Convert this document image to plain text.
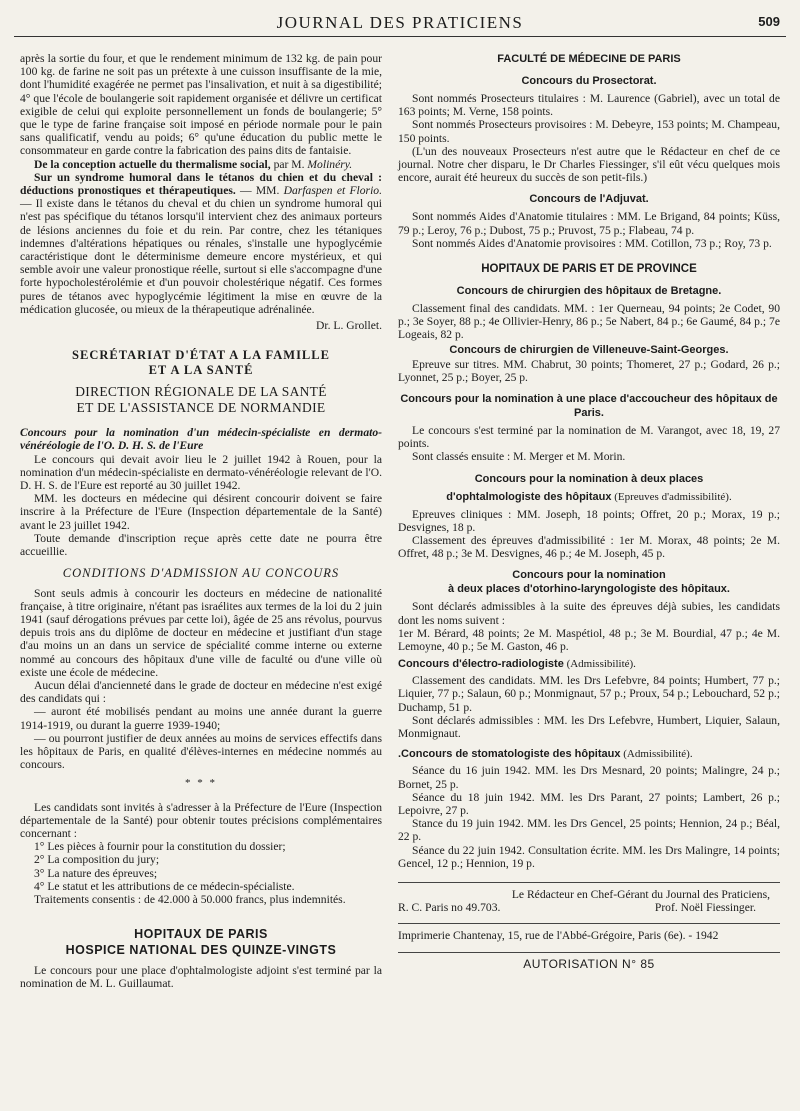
JOURNAL DES PRATICIENS	509

après la sortie du four, et que le rendement minimum de 132 kg. de pain pour 100 kg. de farine ne soit pas un prétexte à une cuisson insuffisante de la mie, dont l'humidité exagérée ne permet pas l'insalivation, et nuit à sa digestibilité; 4° que l'école de boulangerie soit rapidement organisée et délivre un certificat exigible de celui qui exploite personnellement un fonds de boulangerie; 5° que le type de farine française soit imposé en période normale pour le pain sans qualificatif, vendu au poids; 6° qu'une éducation du public mette le consommateur en garde contre la fabrication des pains dits de fantaisie.

De la conception actuelle du thermalisme social, par M. Molinéry.

Sur un syndrome humoral dans le tétanos du chien et du cheval : déductions pronostiques et thérapeutiques. — MM. Darfaspen et Florio. — Il existe dans le tétanos du cheval et du chien un syndrome humoral qui n'est pas spécifique du tétanos lorsqu'il intervient chez des animaux porteurs de lésions anciennes du foie et du rein. Par contre, chez les tétaniques indemnes d'altérations hépatiques ou rénales, s'installe une hypoglycémie caractéristique dont le déterminisme demeure encore mystérieux, et qui semble avoir une valeur pronostique réelle, surtout si elle s'accompagne d'une forte hypocholestérolémie et d'un pouvoir cholestérique négatif. Ces formes pures de tétanos avec hypoglycémie légitiment la mise en œuvre de la médication glucosée, ou mieux de la thérapeutique adrénalinée.

Dr. L. Grollet.
SECRÉTARIAT D'ÉTAT A LA FAMILLE
ET A LA SANTÉ
DIRECTION RÉGIONALE DE LA SANTÉ
ET DE L'ASSISTANCE DE NORMANDIE

Concours pour la nomination d'un médecin-spécialiste en dermato-vénéréologie de l'O. D. H. S. de l'Eure

Le concours qui devait avoir lieu le 2 juillet 1942 à Rouen, pour la nomination d'un médecin-spécialiste en dermato-vénéréologie relevant de l'O. D. H. S. de l'Eure est reporté au 30 juillet 1942.

MM. les docteurs en médecine qui désirent concourir doivent se faire inscrire à la Préfecture de l'Eure (Inspection départementale de la Santé) avant le 23 juillet 1942.

Toute demande d'inscription reçue après cette date ne pourra être accueillie.

CONDITIONS D'ADMISSION AU CONCOURS

Sont seuls admis à concourir les docteurs en médecine de nationalité française, à titre originaire, n'étant pas israélites aux termes de la loi du 2 juin 1941 (sauf dérogations prévues par cette loi), âgée de 25 ans révolus, pourvus depuis trois ans du diplôme de docteur en médecine et justifiant d'un stage d'au moins un an dans un service de spécialité comme interne ou externe nommé au concours des hôpitaux d'une ville de faculté ou d'une ville où existe une école de médecine.

Aucun délai d'ancienneté dans le grade de docteur en médecine n'est exigé des candidats qui :

— auront été mobilisés pendant au moins une année durant la guerre 1914-1919, ou durant la guerre 1939-1940;

— ou pourront justifier de deux années au moins de services effectifs dans les hôpitaux de Paris, en qualité d'élèves-internes en médecine nommés au concours.

* * *

Les candidats sont invités à s'adresser à la Préfecture de l'Eure (Inspection départementale de la Santé) pour obtenir toutes précisions complémentaires concernant :

1° Les pièces à fournir pour la constitution du dossier;

2° La composition du jury;

3° La nature des épreuves;

4° Le statut et les attributions de ce médecin-spécialiste.

Traitements consentis : de 42.000 à 50.000 francs, plus indemnités.

HOPITAUX DE PARIS
HOSPICE NATIONAL DES QUINZE-VINGTS

Le concours pour une place d'ophtalmologiste adjoint s'est terminé par la nomination de M. L. Guillaumat.

FACULTÉ DE MÉDECINE DE PARIS
Concours du Prosectorat.

Sont nommés Prosecteurs titulaires : M. Laurence (Gabriel), avec un total de 163 points; M. Verne, 158 points.

Sont nommés Prosecteurs provisoires : M. Debeyre, 153 points; M. Champeau, 150 points.

(L'un des nouveaux Prosecteurs n'est autre que le Rédacteur en chef de ce journal. Notre cher disparu, le Dr Charles Fiessinger, s'il eût vécu quelques mois encore, aurait été heureux du succès de son petit-fils.)

Concours de l'Adjuvat.

Sont nommés Aides d'Anatomie titulaires : MM. Le Brigand, 84 points; Küss, 79 p.; Leroy, 76 p.; Dubost, 75 p.; Pruvost, 75 p.; Flabeau, 74 p.

Sont nommés Aides d'Anatomie provisoires : MM. Cotillon, 73 p.; Roy, 73 p.

HOPITAUX DE PARIS ET DE PROVINCE
Concours de chirurgien des hôpitaux de Bretagne.

Classement final des candidats. MM. : 1er Querneau, 94 points; 2e Codet, 90 p.; 3e Soyer, 88 p.; 4e Ollivier-Henry, 86 p.; 5e Nabert, 84 p.; 6e Gaumé, 84 p.; 7e Logeais, 82 p.

Concours de chirurgien de Villeneuve-Saint-Georges.

Epreuve sur titres. MM. Chabrut, 30 points; Thomeret, 27 p.; Godard, 26 p.; Lyonnet, 25 p.; Boyer, 25 p.

Concours pour la nomination à une place d'accoucheur des hôpitaux de Paris.

Le concours s'est terminé par la nomination de M. Varangot, avec 18, 19, 27 points.

Sont classés ensuite : M. Merger et M. Morin.

Concours pour la nomination à deux places

d'ophtalmologiste des hôpitaux (Epreuves d'admissibilité).

Epreuves cliniques : MM. Joseph, 18 points; Offret, 20 p.; Morax, 19 p.; Desvignes, 18 p.

Classement des épreuves d'admissibilité : 1er M. Morax, 48 points; 2e M. Offret, 48 p.; 3e M. Desvignes, 46 p.; 4e M. Joseph, 45 p.

Concours pour la nomination
à deux places d'otorhino-laryngologiste des hôpitaux.

Sont déclarés admissibles à la suite des épreuves déjà subies, les candidats dont les noms suivent :

1er M. Bérard, 48 points; 2e M. Maspétiol, 48 p.; 3e M. Bourdial, 47 p.; 4e M. Lemoyne, 40 p.; 5e M. Gaston, 46 p.

Concours d'électro-radiologiste (Admissibilité).

Classement des candidats. MM. les Drs Lefebvre, 84 points; Humbert, 77 p.; Liquier, 77 p.; Salaun, 60 p.; Monmignaut, 57 p.; Proux, 54 p.; Lebouchard, 52 p.; Duchamp, 51 p.

Sont déclarés admissibles : MM. les Drs Lefebvre, Humbert, Liquier, Salaun, Monmignaut.

.Concours de stomatologiste des hôpitaux (Admissibilité).

Séance du 16 juin 1942. MM. les Drs Mesnard, 20 points; Malingre, 24 p.; Bornet, 25 p.

Séance du 18 juin 1942. MM. les Drs Parant, 27 points; Lambert, 26 p.; Lepoivre, 27 p.

Stance du 19 juin 1942. MM. les Drs Gencel, 25 points; Hennion, 24 p.; Béal, 22 p.

Séance du 22 juin 1942. Consultation écrite. MM. les Drs Malingre, 14 points; Gencel, 12 p.; Hennion, 19 p.

Le Rédacteur en Chef-Gérant du Journal des Praticiens,

R. C. Paris no 49.703.	Prof. Noël Fiessinger.

Imprimerie Chantenay, 15, rue de l'Abbé-Grégoire, Paris (6e). - 1942

AUTORISATION N° 85
